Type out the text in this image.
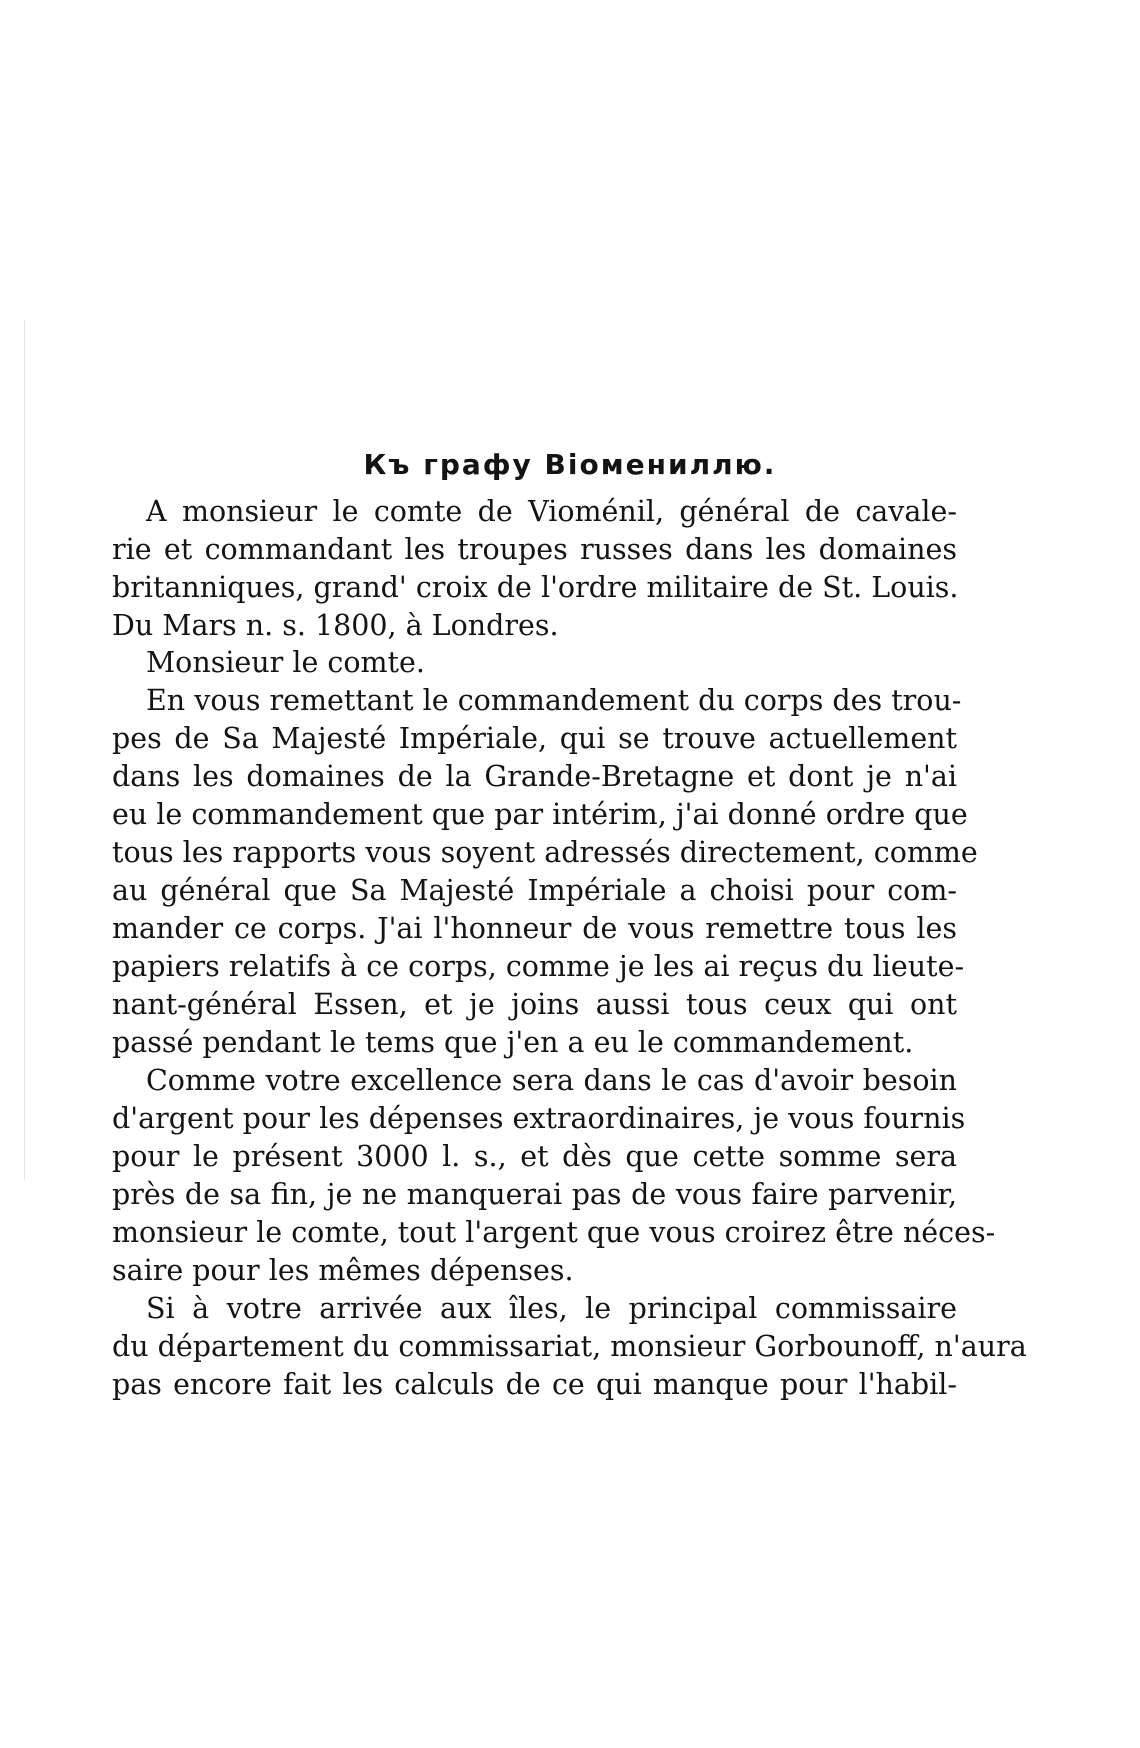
Къ графу Віомениллю.
A monsieur le comte de Vioménil, général de cavale-
rie et commandant les troupes russes dans les domaines
britanniques, grand' croix de l'ordre militaire de St. Louis.
Du Mars n. s. 1800, à Londres.
Monsieur le comte.
En vous remettant le commandement du corps des trou-
pes de Sa Majesté Impériale, qui se trouve actuellement
dans les domaines de la Grande-Bretagne et dont je n'ai
eu le commandement que par intérim, j'ai donné ordre que
tous les rapports vous soyent adressés directement, comme
au général que Sa Majesté Impériale a choisi pour com-
mander ce corps. J'ai l'honneur de vous remettre tous les
papiers relatifs à ce corps, comme je les ai reçus du lieute-
nant-général Essen, et je joins aussi tous ceux qui ont
passé pendant le tems que j'en a eu le commandement.
Comme votre excellence sera dans le cas d'avoir besoin
d'argent pour les dépenses extraordinaires, je vous fournis
pour le présent 3000 l. s., et dès que cette somme sera
près de sa fin, je ne manquerai pas de vous faire parvenir,
monsieur le comte, tout l'argent que vous croirez être néces-
saire pour les mêmes dépenses.
Si à votre arrivée aux îles, le principal commissaire
du département du commissariat, monsieur Gorbounoff, n'aura
pas encore fait les calculs de ce qui manque pour l'habil-
